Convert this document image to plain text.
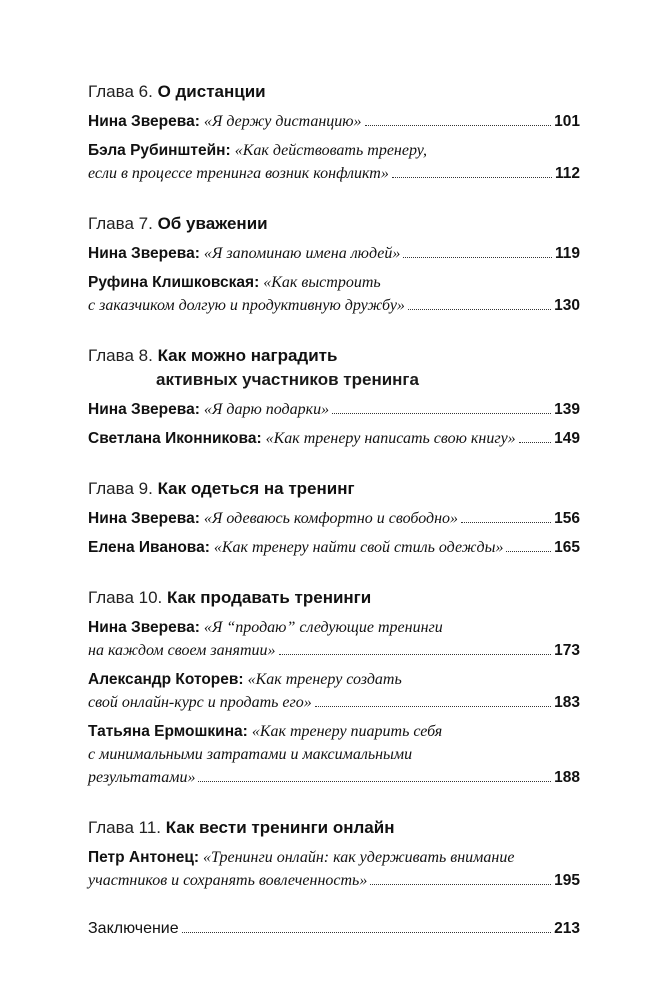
Глава 6. О дистанции
Нина Зверева:
«Я держу дистанцию»	101
Бэла Рубинштейн:
«Как действовать тренеру,
если в процессе тренинга возник конфликт»	112
Глава 7. Об уважении
Нина Зверева:
«Я запоминаю имена людей»	119
Руфина Клишковская:
«Как выстроить
с заказчиком долгую и продуктивную дружбу»	130
Глава 8. Как можно наградить
активных участников тренинга
Нина Зверева:
«Я дарю подарки»	139
Светлана Иконникова:
«Как тренеру написать свою книгу» 149
Глава 9. Как одеться на тренинг
Нина Зверева:
«Я одеваюсь комфортно и свободно»	156
Елена Иванова:
«Как тренеру найти свой стиль одежды»	165
Глава 10. Как продавать тренинги
Нина Зверева:
«Я “продаю” следующие тренинги
на каждом своем занятии»	173
Александр Которев:
«Как тренеру создать
свой онлайн-курс и продать его»	183
Татьяна Ермошкина:
«Как тренеру пиарить себя
с минимальными затратами и максимальными
результатами»	188
Глава 11. Как вести тренинги онлайн
Петр Антонец:
«Тренинги онлайн: как удерживать внимание
участников и сохранять вовлеченность»	195
Заключение	213
